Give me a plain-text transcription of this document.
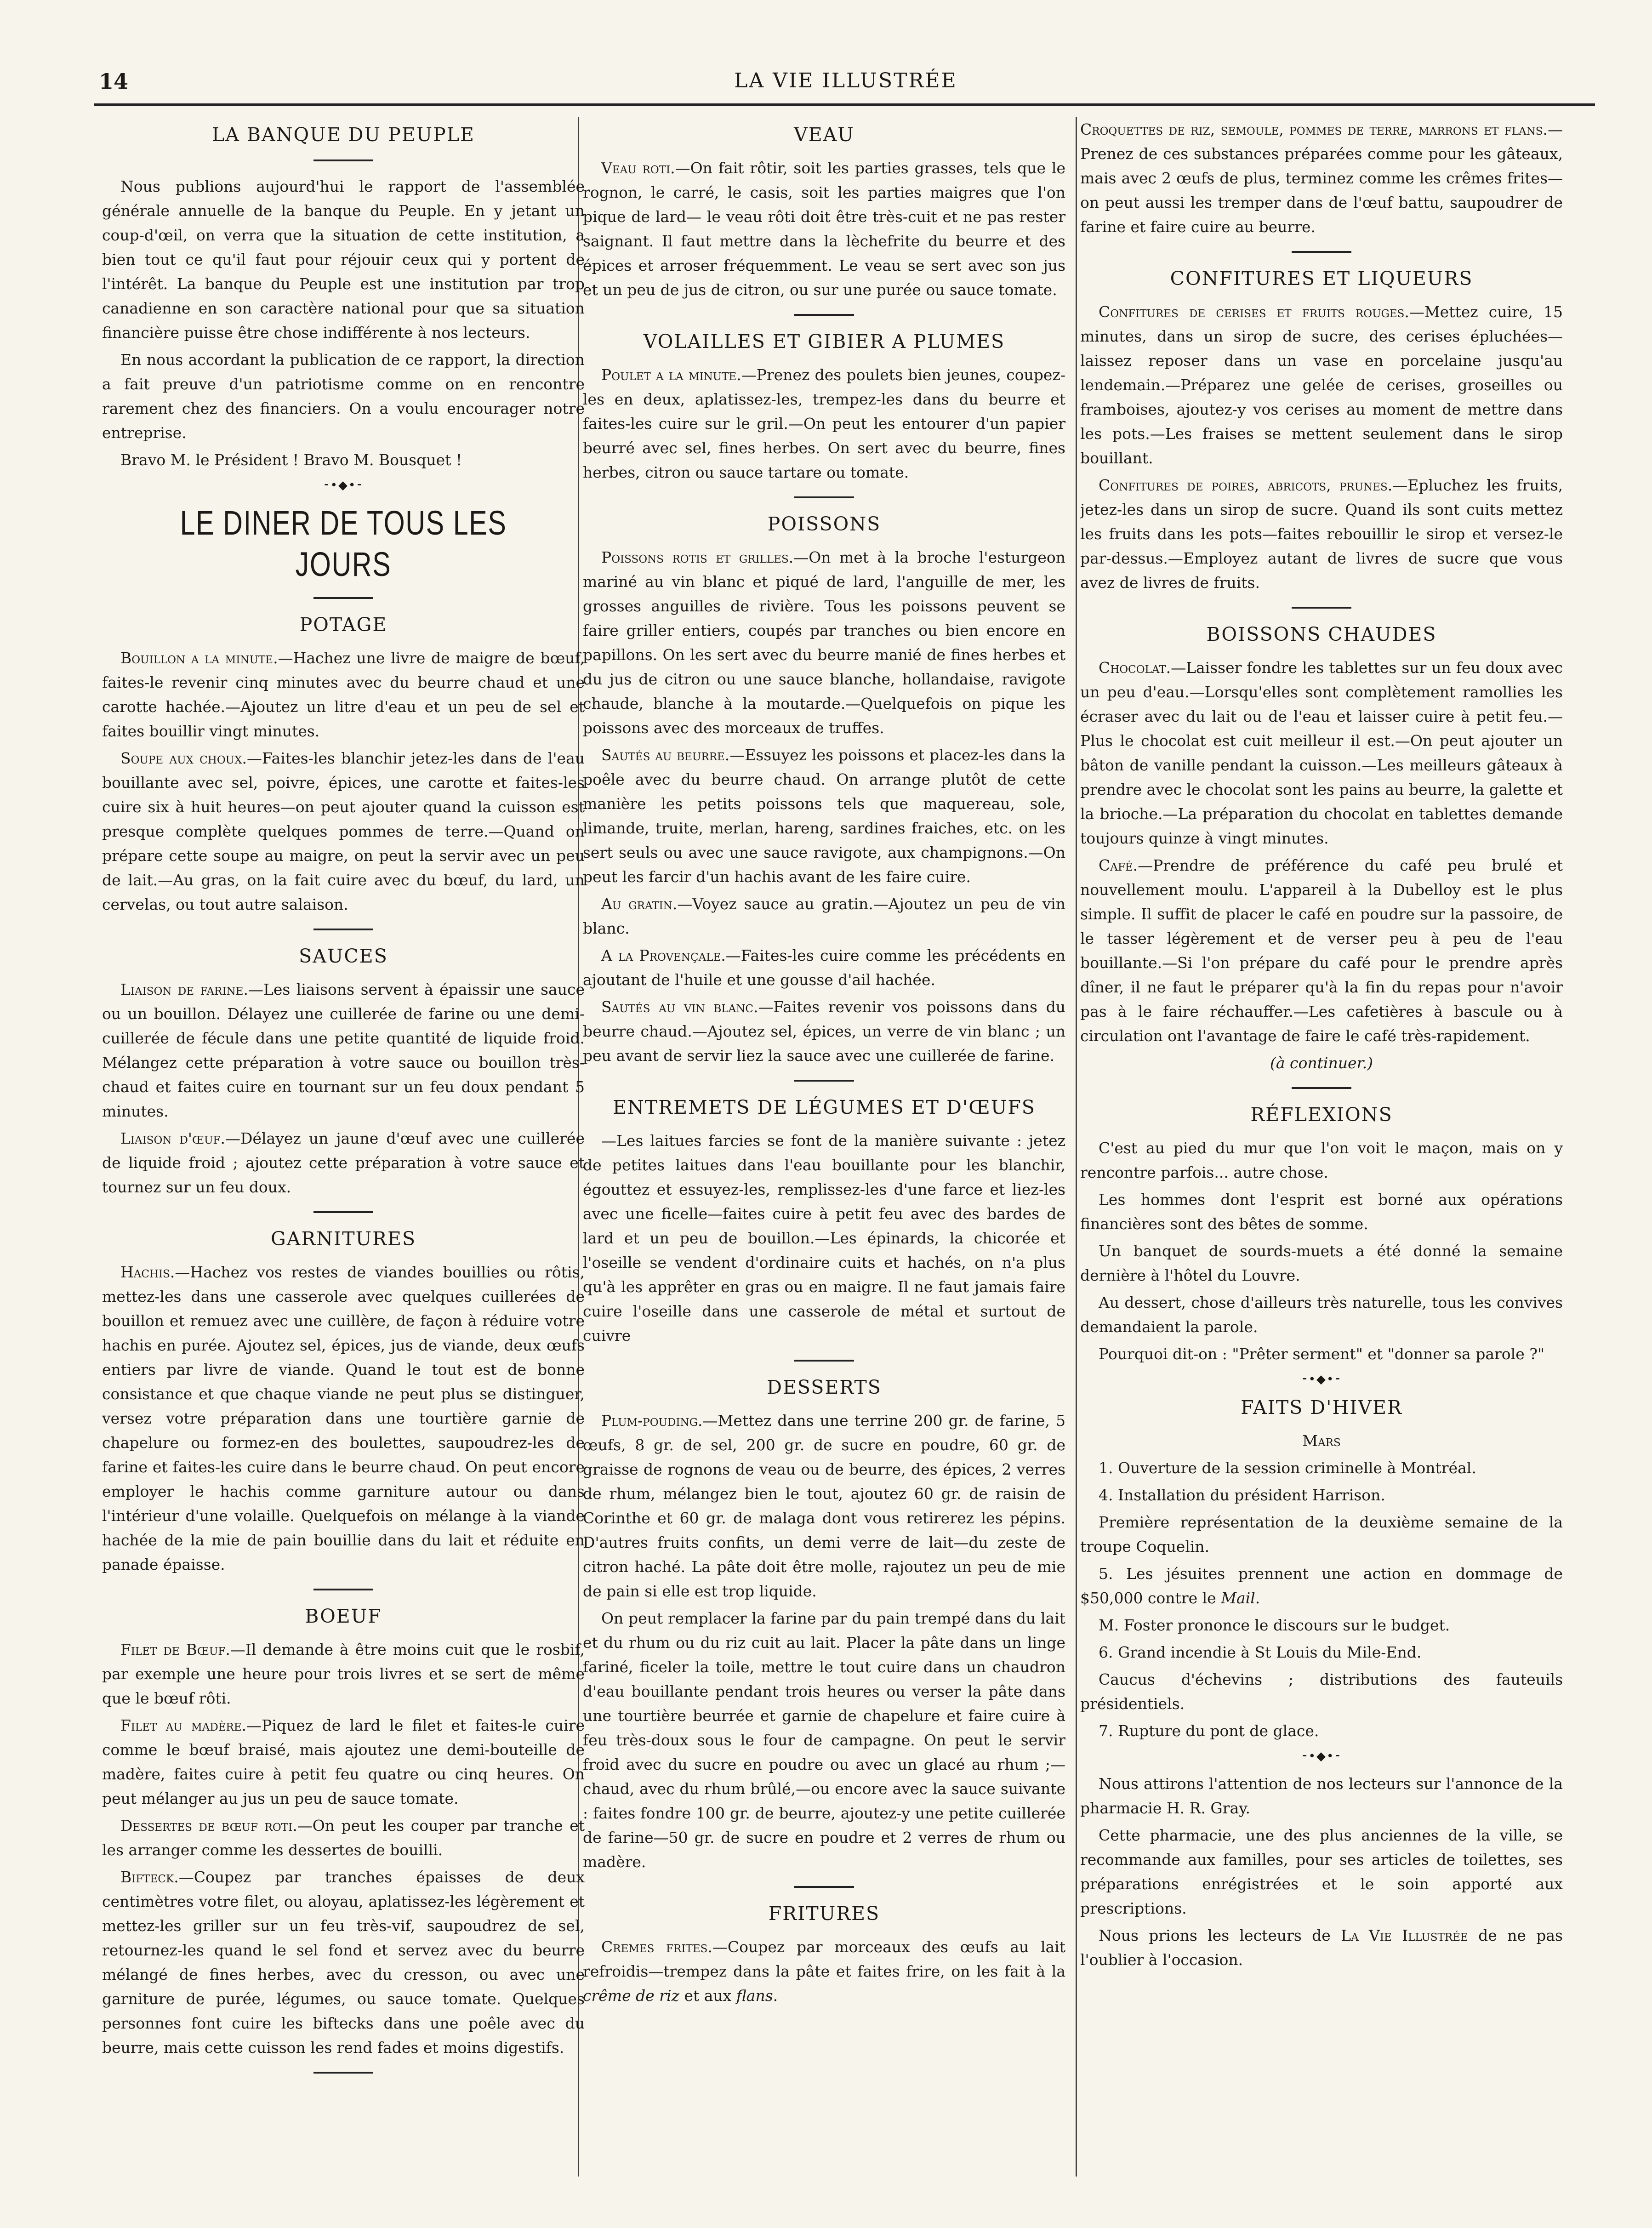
14	LA VIE ILLUSTRÉE
LA BANQUE DU PEUPLE

Nous publions aujourd'hui le rapport de l'assemblée générale annuelle de la banque du Peuple. En y jetant un coup-d'œil, on verra que la situation de cette institution, a bien tout ce qu'il faut pour réjouir ceux qui y portent de l'intérêt. La banque du Peuple est une institution par trop canadienne en son caractère national pour que sa situation financière puisse être chose indifférente à nos lecteurs.

En nous accordant la publication de ce rapport, la direction a fait preuve d'un patriotisme comme on en rencontre rarement chez des financiers. On a voulu encourager notre entreprise.

Bravo M. le Président ! Bravo M. Bousquet !

⁃•◆•⁃
LE DINER DE TOUS LES JOURS
POTAGE

Bouillon a la minute.—Hachez une livre de maigre de bœuf, faites-le revenir cinq minutes avec du beurre chaud et une carotte hachée.—Ajoutez un litre d'eau et un peu de sel et faites bouillir vingt minutes.

Soupe aux choux.—Faites-les blanchir jetez-les dans de l'eau bouillante avec sel, poivre, épices, une carotte et faites-les cuire six à huit heures—on peut ajouter quand la cuisson est presque complète quelques pommes de terre.—Quand on prépare cette soupe au maigre, on peut la servir avec un peu de lait.—Au gras, on la fait cuire avec du bœuf, du lard, un cervelas, ou tout autre salaison.

SAUCES

Liaison de farine.—Les liaisons servent à épaissir une sauce ou un bouillon. Délayez une cuillerée de farine ou une demi-cuillerée de fécule dans une petite quantité de liquide froid. Mélangez cette préparation à votre sauce ou bouillon très-chaud et faites cuire en tournant sur un feu doux pendant 5 minutes.

Liaison d'œuf.—Délayez un jaune d'œuf avec une cuillerée de liquide froid ; ajoutez cette préparation à votre sauce et tournez sur un feu doux.

GARNITURES

Hachis.—Hachez vos restes de viandes bouillies ou rôtis, mettez-les dans une casserole avec quelques cuillerées de bouillon et remuez avec une cuillère, de façon à réduire votre hachis en purée. Ajoutez sel, épices, jus de viande, deux œufs entiers par livre de viande. Quand le tout est de bonne consistance et que chaque viande ne peut plus se distinguer, versez votre préparation dans une tourtière garnie de chapelure ou formez-en des boulettes, saupoudrez-les de farine et faites-les cuire dans le beurre chaud. On peut encore employer le hachis comme garniture autour ou dans l'intérieur d'une volaille. Quelquefois on mélange à la viande hachée de la mie de pain bouillie dans du lait et réduite en panade épaisse.

BOEUF

Filet de Bœuf.—Il demande à être moins cuit que le rosbif, par exemple une heure pour trois livres et se sert de même que le bœuf rôti.

Filet au madère.—Piquez de lard le filet et faites-le cuire comme le bœuf braisé, mais ajoutez une demi-bouteille de madère, faites cuire à petit feu quatre ou cinq heures. On peut mélanger au jus un peu de sauce tomate.

Dessertes de bœuf roti.—On peut les couper par tranche et les arranger comme les dessertes de bouilli.

Bifteck.—Coupez par tranches épaisses de deux centimètres votre filet, ou aloyau, aplatissez-les légèrement et mettez-les griller sur un feu très-vif, saupoudrez de sel, retournez-les quand le sel fond et servez avec du beurre mélangé de fines herbes, avec du cresson, ou avec une garniture de purée, légumes, ou sauce tomate. Quelques personnes font cuire les biftecks dans une poêle avec du beurre, mais cette cuisson les rend fades et moins digestifs.

VEAU

Veau roti.—On fait rôtir, soit les parties grasses, tels que le rognon, le carré, le casis, soit les parties maigres que l'on pique de lard— le veau rôti doit être très-cuit et ne pas rester saignant. Il faut mettre dans la lèchefrite du beurre et des épices et arroser fréquemment. Le veau se sert avec son jus et un peu de jus de citron, ou sur une purée ou sauce tomate.

VOLAILLES ET GIBIER A PLUMES

Poulet a la minute.—Prenez des poulets bien jeunes, coupez-les en deux, aplatissez-les, trempez-les dans du beurre et faites-les cuire sur le gril.—On peut les entourer d'un papier beurré avec sel, fines herbes. On sert avec du beurre, fines herbes, citron ou sauce tartare ou tomate.

POISSONS

Poissons rotis et grilles.—On met à la broche l'esturgeon mariné au vin blanc et piqué de lard, l'anguille de mer, les grosses anguilles de rivière. Tous les poissons peuvent se faire griller entiers, coupés par tranches ou bien encore en papillons. On les sert avec du beurre manié de fines herbes et du jus de citron ou une sauce blanche, hollandaise, ravigote chaude, blanche à la moutarde.—Quelquefois on pique les poissons avec des morceaux de truffes.

Sautés au beurre.—Essuyez les poissons et placez-les dans la poêle avec du beurre chaud. On arrange plutôt de cette manière les petits poissons tels que maquereau, sole, limande, truite, merlan, hareng, sardines fraiches, etc. on les sert seuls ou avec une sauce ravigote, aux champignons.—On peut les farcir d'un hachis avant de les faire cuire.

Au gratin.—Voyez sauce au gratin.—Ajoutez un peu de vin blanc.

A la Provençale.—Faites-les cuire comme les précédents en ajoutant de l'huile et une gousse d'ail hachée.

Sautés au vin blanc.—Faites revenir vos poissons dans du beurre chaud.—Ajoutez sel, épices, un verre de vin blanc ; un peu avant de servir liez la sauce avec une cuillerée de farine.

ENTREMETS DE LÉGUMES ET D'ŒUFS

—Les laitues farcies se font de la manière suivante : jetez de petites laitues dans l'eau bouillante pour les blanchir, égouttez et essuyez-les, remplissez-les d'une farce et liez-les avec une ficelle—faites cuire à petit feu avec des bardes de lard et un peu de bouillon.—Les épinards, la chicorée et l'oseille se vendent d'ordinaire cuits et hachés, on n'a plus qu'à les apprêter en gras ou en maigre. Il ne faut jamais faire cuire l'oseille dans une casserole de métal et surtout de cuivre

DESSERTS

Plum-pouding.—Mettez dans une terrine 200 gr. de farine, 5 œufs, 8 gr. de sel, 200 gr. de sucre en poudre, 60 gr. de graisse de rognons de veau ou de beurre, des épices, 2 verres de rhum, mélangez bien le tout, ajoutez 60 gr. de raisin de Corinthe et 60 gr. de malaga dont vous retirerez les pépins. D'autres fruits confits, un demi verre de lait—du zeste de citron haché. La pâte doit être molle, rajoutez un peu de mie de pain si elle est trop liquide.

On peut remplacer la farine par du pain trempé dans du lait et du rhum ou du riz cuit au lait. Placer la pâte dans un linge fariné, ficeler la toile, mettre le tout cuire dans un chaudron d'eau bouillante pendant trois heures ou verser la pâte dans une tourtière beurrée et garnie de chapelure et faire cuire à feu très-doux sous le four de campagne. On peut le servir froid avec du sucre en poudre ou avec un glacé au rhum ;—chaud, avec du rhum brûlé,—ou encore avec la sauce suivante : faites fondre 100 gr. de beurre, ajoutez-y une petite cuillerée de farine—50 gr. de sucre en poudre et 2 verres de rhum ou madère.

FRITURES

Cremes frites.—Coupez par morceaux des œufs au lait refroidis—trempez dans la pâte et faites frire, on les fait à la crême de riz et aux flans.

Croquettes de riz, semoule, pommes de terre, marrons et flans.—Prenez de ces substances préparées comme pour les gâteaux, mais avec 2 œufs de plus, terminez comme les crêmes frites—on peut aussi les tremper dans de l'œuf battu, saupoudrer de farine et faire cuire au beurre.

CONFITURES ET LIQUEURS

Confitures de cerises et fruits rouges.—Mettez cuire, 15 minutes, dans un sirop de sucre, des cerises épluchées—laissez reposer dans un vase en porcelaine jusqu'au lendemain.—Préparez une gelée de cerises, groseilles ou framboises, ajoutez-y vos cerises au moment de mettre dans les pots.—Les fraises se mettent seulement dans le sirop bouillant.

Confitures de poires, abricots, prunes.—Epluchez les fruits, jetez-les dans un sirop de sucre. Quand ils sont cuits mettez les fruits dans les pots—faites rebouillir le sirop et versez-le par-dessus.—Employez autant de livres de sucre que vous avez de livres de fruits.

BOISSONS CHAUDES

Chocolat.—Laisser fondre les tablettes sur un feu doux avec un peu d'eau.—Lorsqu'elles sont complètement ramollies les écraser avec du lait ou de l'eau et laisser cuire à petit feu.—Plus le chocolat est cuit meilleur il est.—On peut ajouter un bâton de vanille pendant la cuisson.—Les meilleurs gâteaux à prendre avec le chocolat sont les pains au beurre, la galette et la brioche.—La préparation du chocolat en tablettes demande toujours quinze à vingt minutes.

Café.—Prendre de préférence du café peu brulé et nouvellement moulu. L'appareil à la Dubelloy est le plus simple. Il suffit de placer le café en poudre sur la passoire, de le tasser légèrement et de verser peu à peu de l'eau bouillante.—Si l'on prépare du café pour le prendre après dîner, il ne faut le préparer qu'à la fin du repas pour n'avoir pas à le faire réchauffer.—Les cafetières à bascule ou à circulation ont l'avantage de faire le café très-rapidement.

(à continuer.)

RÉFLEXIONS

C'est au pied du mur que l'on voit le maçon, mais on y rencontre parfois... autre chose.

Les hommes dont l'esprit est borné aux opérations financières sont des bêtes de somme.

Un banquet de sourds-muets a été donné la semaine dernière à l'hôtel du Louvre.

Au dessert, chose d'ailleurs très naturelle, tous les convives demandaient la parole.

Pourquoi dit-on : "Prêter serment" et "donner sa parole ?"

⁃•◆•⁃
FAITS D'HIVER

Mars

1. Ouverture de la session criminelle à Montréal.

4. Installation du président Harrison.

Première représentation de la deuxième semaine de la troupe Coquelin.

5. Les jésuites prennent une action en dommage de $50,000 contre le Mail.

M. Foster prononce le discours sur le budget.

6. Grand incendie à St Louis du Mile-End.

Caucus d'échevins ; distributions des fauteuils présidentiels.

7. Rupture du pont de glace.

⁃•◆•⁃

Nous attirons l'attention de nos lecteurs sur l'annonce de la pharmacie H. R. Gray.

Cette pharmacie, une des plus anciennes de la ville, se recommande aux familles, pour ses articles de toilettes, ses préparations enrégistrées et le soin apporté aux prescriptions.

Nous prions les lecteurs de La Vie Illustrée de ne pas l'oublier à l'occasion.
